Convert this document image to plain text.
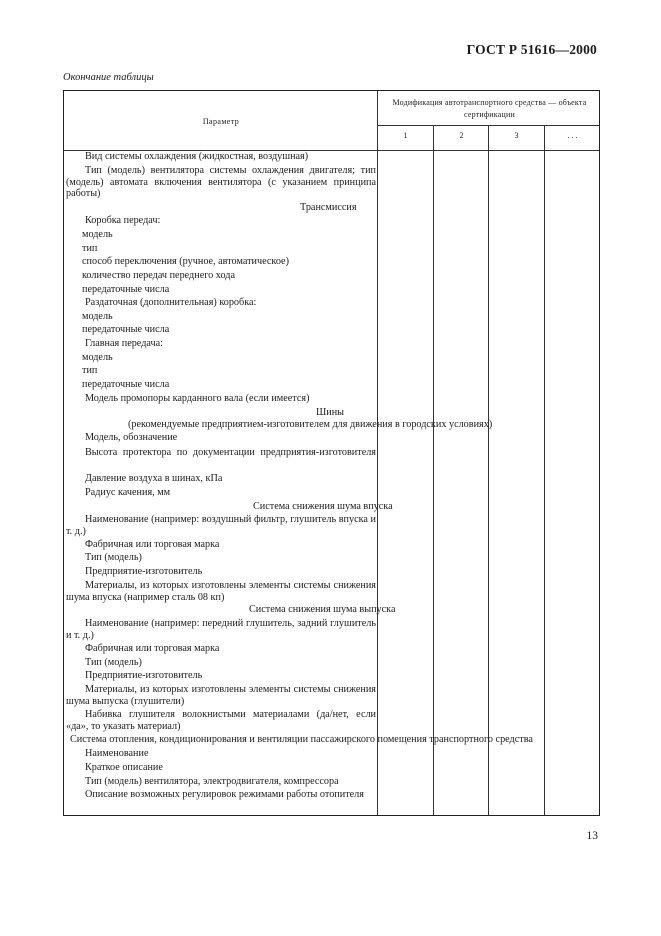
ГОСТ Р 51616—2000
Окончание таблицы
Параметр
Модификация автотранспортного средства — объекта сертификации
1	2	3	. . .
Вид системы охлаждения (жидкостная, воздушная)
Тип (модель) вентилятора системы охлаждения двигателя; тип (модель) автомата включения вентилятора (с указанием принципа работы)
Трансмиссия
Коробка передач:
модель
тип
способ переключения (ручное, автоматическое)
количество передач переднего хода
передаточные числа
Раздаточная (дополнительная) коробка:
модель
передаточные числа
Главная передача:
модель
тип
передаточные числа
Модель промопоры карданного вала (если имеется)
Шины
(рекомендуемые предприятием-изготовителем для движения в городских условиях)
Модель, обозначение
Высота протектора по документации предприятия-изготовителя
Давление воздуха в шинах, кПа
Радиус качения, мм
Система снижения шума впуска
Наименование (например: воздушный фильтр, глушитель впуска и т. д.)
Фабричная или торговая марка
Тип (модель)
Предприятие-изготовитель
Материалы, из которых изготовлены элементы системы снижения шума впуска (например сталь 08 кп)
Система снижения шума выпуска
Наименование (например: передний глушитель, задний глушитель и т. д.)
Фабричная или торговая марка
Тип (модель)
Предприятие-изготовитель
Материалы, из которых изготовлены элементы системы снижения шума выпуска (глушители)
Набивка глушителя волокнистыми материалами (да/нет, если «да», то указать материал)
Система отопления, кондиционирования и вентиляции пассажирского помещения транспортного средства
Наименование
Краткое описание
Тип (модель) вентилятора, электродвигателя, компрессора
Описание возможных регулировок режимами работы отопителя
13
